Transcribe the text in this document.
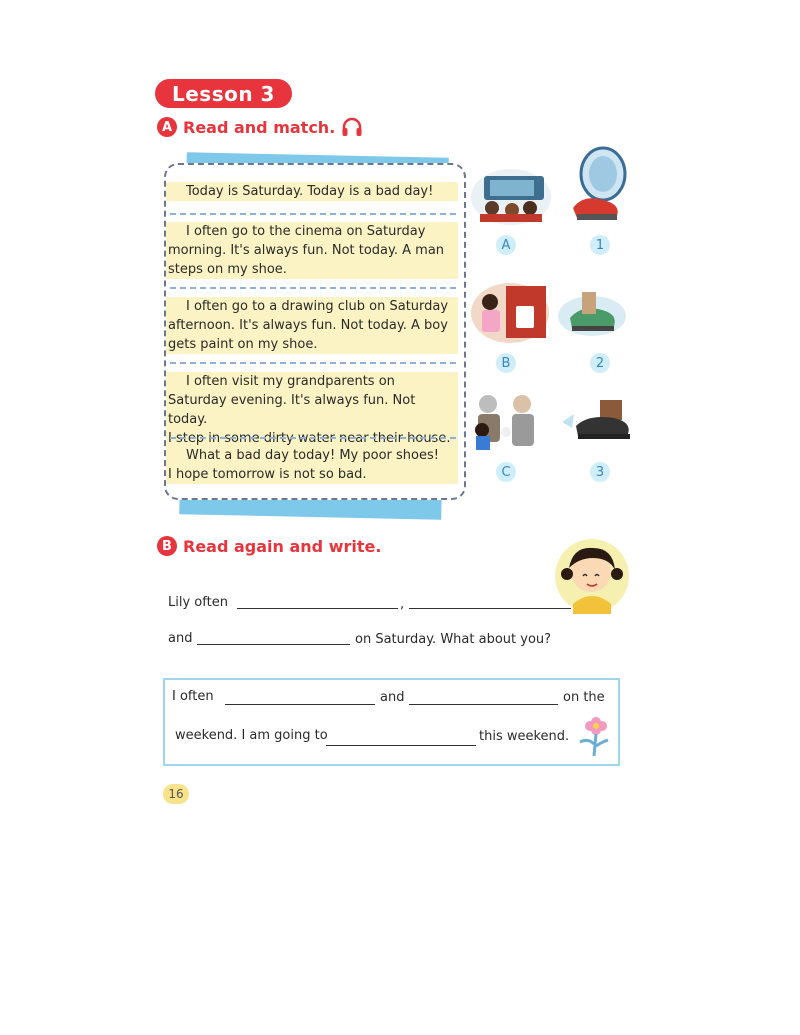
Lesson 3
A Read and match.
Today is Saturday. Today is a bad day!
I often go to the cinema on Saturday
morning. It's always fun. Not today. A man
steps on my shoe.
I often go to a drawing club on Saturday
afternoon. It's always fun. Not today. A boy
gets paint on my shoe.
I often visit my grandparents on
Saturday evening. It's always fun. Not today.
I step in some dirty water near their house.
What a bad day today! My poor shoes!
I hope tomorrow is not so bad.
A
B
C
1
2
3
B Read again and write.
Lily often	,
and	on Saturday. What about you?
I often	and	on the
weekend. I am going to	this weekend.
16
